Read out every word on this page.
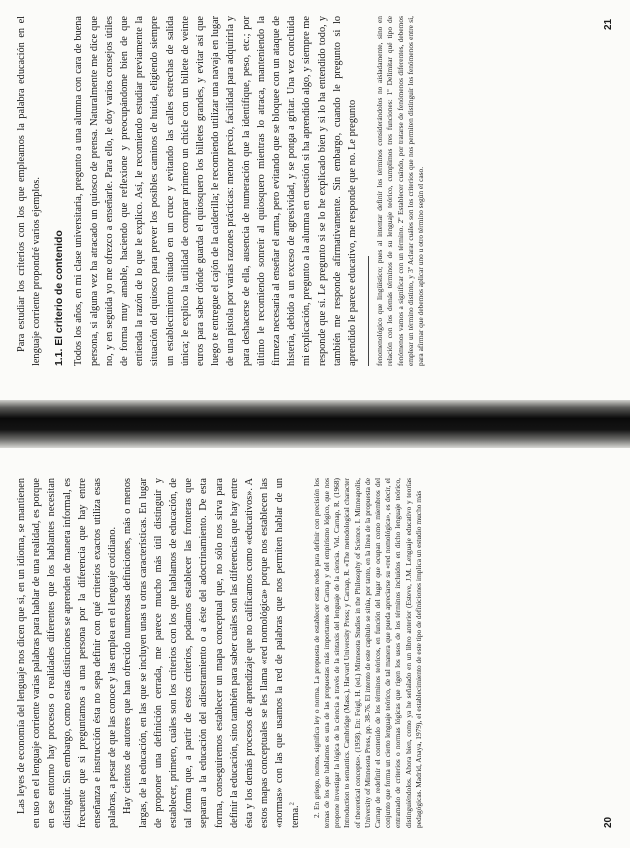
Las leyes de economía del lenguaje nos dicen que si, en un idioma, se mantienen en uso en el lenguaje corriente varias palabras para hablar de una realidad, es porque en ese entorno hay procesos o realidades diferentes que los hablantes necesitan distinguir. Sin embargo, como estas distinciones se aprenden de manera informal, es frecuente que si preguntamos a una persona por la diferencia que hay entre enseñanza e instrucción ésta no sepa definir con qué criterios exactos utiliza esas palabras, a pesar de que las conoce y las emplea en el lenguaje cotidiano. Hay cientos de autores que han ofrecido numerosas definiciones, más o menos largas, de la educación, en las que se incluyen unas u otras características. En lugar de proponer una definición cerrada, me parece mucho más útil distinguir y establecer, primero, cuáles son los criterios con los que hablamos de educación, de tal forma que, a partir de estos criterios, podamos establecer las fronteras que separan a la educación del adiestramiento o a éste del adoctrinamiento. De esta forma, conseguiremos establecer un mapa conceptual que, no sólo nos sirva para definir la educación, sino también para saber cuáles son las diferencias que hay entre ésta y los demás procesos de aprendizaje que no calificamos como «educativos». A estos mapas conceptuales se les llama «red nomológica» porque nos establecen las «normas» con las que usamos la red de palabras que nos permiten hablar de un tema.$^2$	2. En griego, nomos, significa ley o norma. La propuesta de establecer estas redes para definir con precisión los temas de los que hablamos es una de las propuestas más importantes de Carnap y del empirismo lógico, que nos propone investigar la lógica de la ciencia a través de la sintaxis del lenguaje de la ciencia. Vid. Carnap, R. (1968) Introduction to semantics. Cambridge (Mass.), Harvard University Press; y Carnap, R. «The metodological character of theoretical concepts». (1958). En: Feigl, H. (ed.) Minnesota Studies in the Philosophy of Science. I. Minneapolis, University of Minnesota Press, pp. 38-76. El intento de este capítulo se sitúa, por tanto, en la línea de la propuesta de Carnap de redefinir el contenido de los términos teóricos, en función del lugar que ocupan como miembros del conjunto que forma un cierto lenguaje teórico, de tal manera que pueda apreciarse su «red nomológica», es decir, el entramado de criterios o normas lógicas que rigen los usos de los términos incluidos en dicho lenguaje teórico, distinguiéndolos. Ahora bien, como ya he señalado en un libro anterior (Esteve, J.M. Lenguaje educativo y teorías pedagógicas. Madrid, Anaya, 1979), el establecimiento de este tipo de definiciones implica un estudio mucho más	20

Para estudiar los criterios con los que empleamos la palabra educación en el lenguaje corriente propondré varios ejemplos. 1.1. El criterio de contenido Todos los años, en mi clase universitaria, pregunto a una alumna con cara de buena persona, si alguna vez ha atracado un quiosco de prensa. Naturalmente me dice que no, y en seguida yo me ofrezco a enseñarle. Para ello, le doy varios consejos útiles de forma muy amable, haciendo que reflexione y preocupándome bien de que entienda la razón de lo que le explico. Así, le recomiendo estudiar previamente la situación del quiosco para prever los posibles caminos de huida, eligiendo siempre un establecimiento situado en un cruce y evitando las calles estrechas de salida única; le explico la utilidad de comprar primero un chicle con un billete de veinte euros para saber dónde guarda el quiosquero los billetes grandes, y evitar así que luego te entregue el cajón de la calderilla; le recomiendo utilizar una navaja en lugar de una pistola por varias razones prácticas: menor precio, facilidad para adquirirla y para deshacerse de ella, ausencia de numeración que la identifique, peso, etc.; por último le recomiendo sonreír al quiosquero mientras lo atraca, manteniendo la firmeza necesaria al enseñar el arma, pero evitando que se bloquee con un ataque de histeria, debido a un exceso de agresividad, y se ponga a gritar. Una vez concluida mi explicación, pregunto a la alumna en cuestión si ha aprendido algo, y siempre me responde que sí. Le pregunto si se lo he explicado bien y si lo ha entendido todo, y también me responde afirmativamente. Sin embargo, cuando le pregunto si lo aprendido le parece educativo, me responde que no. Le pregunto fenomenológico que lingüístico; pues al intentar definir los términos considerándolos no aisladamente, sino en relación con los demás términos de su lenguaje teórico, cumplimos tres funciones: 1º Delimitar qué tipo de fenómenos vamos a significar con un término. 2º Establecer cuándo, por tratarse de fenómenos diferentes, debemos emplear un término distinto, y 3º Aclarar cuáles son los criterios que nos permiten distinguir los fenómenos entre sí, para afirmar que debemos aplicar uno u otro término según el caso.

21
